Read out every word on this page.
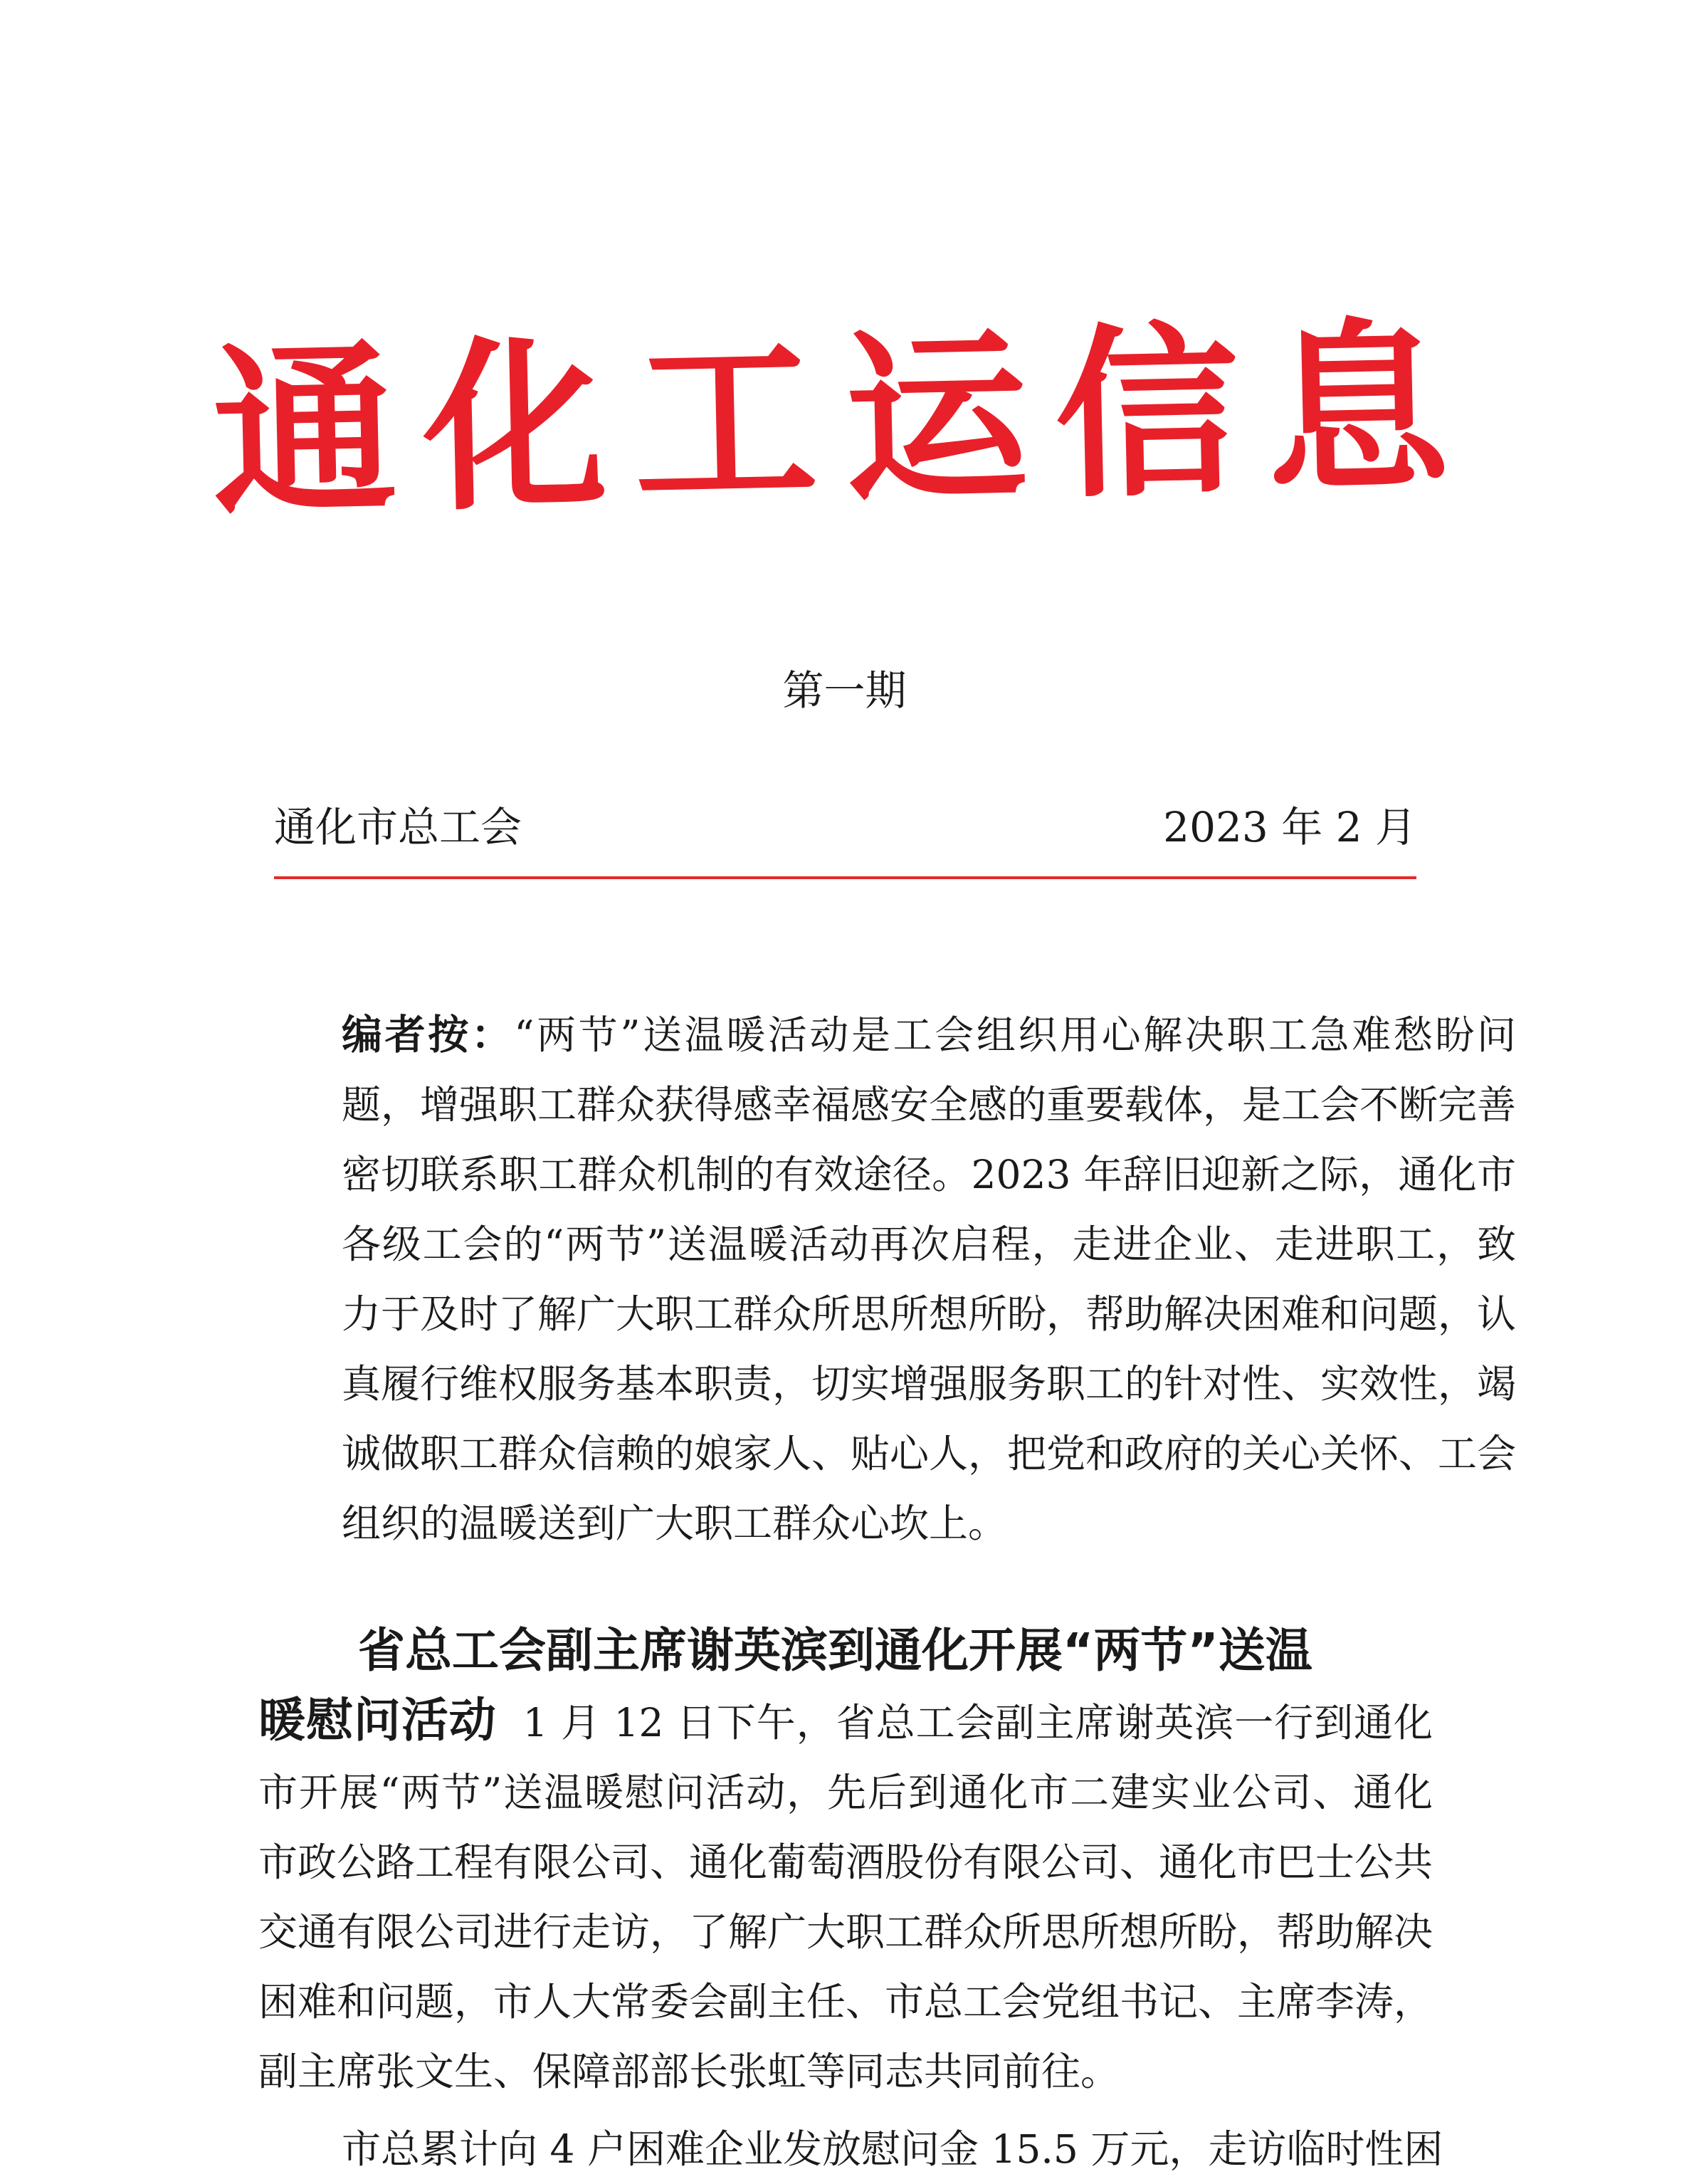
通化工运信息
第一期
通化市总工会	2023 年 2 月
编者按：“两节”送温暖活动是工会组织用心解决职工急难愁盼问题，增强职工群众获得感幸福感安全感的重要载体，是工会不断完善密切联系职工群众机制的有效途径。2023 年辞旧迎新之际，通化市各级工会的“两节”送温暖活动再次启程，走进企业、走进职工，致力于及时了解广大职工群众所思所想所盼，帮助解决困难和问题，认真履行维权服务基本职责，切实增强服务职工的针对性、实效性，竭诚做职工群众信赖的娘家人、贴心人，把党和政府的关心关怀、工会组织的温暖送到广大职工群众心坎上。
省总工会副主席谢英滨到通化开展“两节”送温
暖慰问活动 1 月 12 日下午，省总工会副主席谢英滨一行到通化市开展“两节”送温暖慰问活动，先后到通化市二建实业公司、通化市政公路工程有限公司、通化葡萄酒股份有限公司、通化市巴士公共交通有限公司进行走访，了解广大职工群众所思所想所盼，帮助解决困难和问题，市人大常委会副主任、市总工会党组书记、主席李涛，副主席张文生、保障部部长张虹等同志共同前往。
市总累计向 4 户困难企业发放慰问金 15.5 万元，走访临时性困
